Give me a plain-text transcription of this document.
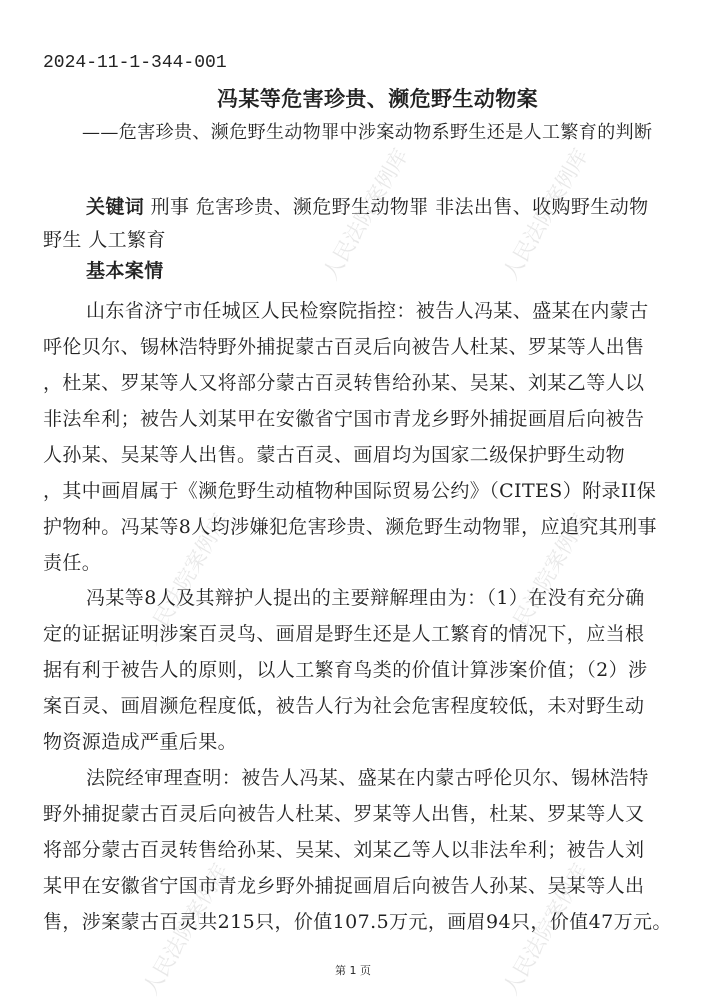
人民法院案例库	人民法院案例库
人民法院案例库	人民法院案例库
人民法院案例库	人民法院案例库
2024-11-1-344-001
冯某等危害珍贵、濒危野生动物案
——危害珍贵、濒危野生动物罪中涉案动物系野生还是人工繁育的判断
关键词 刑事 危害珍贵、濒危野生动物罪 非法出售、收购野生动物
野生 人工繁育
基本案情
山东省济宁市任城区人民检察院指控：被告人冯某、盛某在内蒙古
呼伦贝尔、锡林浩特野外捕捉蒙古百灵后向被告人杜某、罗某等人出售
，杜某、罗某等人又将部分蒙古百灵转售给孙某、吴某、刘某乙等人以
非法牟利；被告人刘某甲在安徽省宁国市青龙乡野外捕捉画眉后向被告
人孙某、吴某等人出售。蒙古百灵、画眉均为国家二级保护野生动物
，其中画眉属于《濒危野生动植物种国际贸易公约》（CITES）附录II保
护物种。冯某等8人均涉嫌犯危害珍贵、濒危野生动物罪，应追究其刑事
责任。
冯某等8人及其辩护人提出的主要辩解理由为：（1）在没有充分确
定的证据证明涉案百灵鸟、画眉是野生还是人工繁育的情况下，应当根
据有利于被告人的原则，以人工繁育鸟类的价值计算涉案价值；（2）涉
案百灵、画眉濒危程度低，被告人行为社会危害程度较低，未对野生动
物资源造成严重后果。
法院经审理查明：被告人冯某、盛某在内蒙古呼伦贝尔、锡林浩特
野外捕捉蒙古百灵后向被告人杜某、罗某等人出售，杜某、罗某等人又
将部分蒙古百灵转售给孙某、吴某、刘某乙等人以非法牟利；被告人刘
某甲在安徽省宁国市青龙乡野外捕捉画眉后向被告人孙某、吴某等人出
售，涉案蒙古百灵共215只，价值107.5万元，画眉94只，价值47万元。
第 1 页
